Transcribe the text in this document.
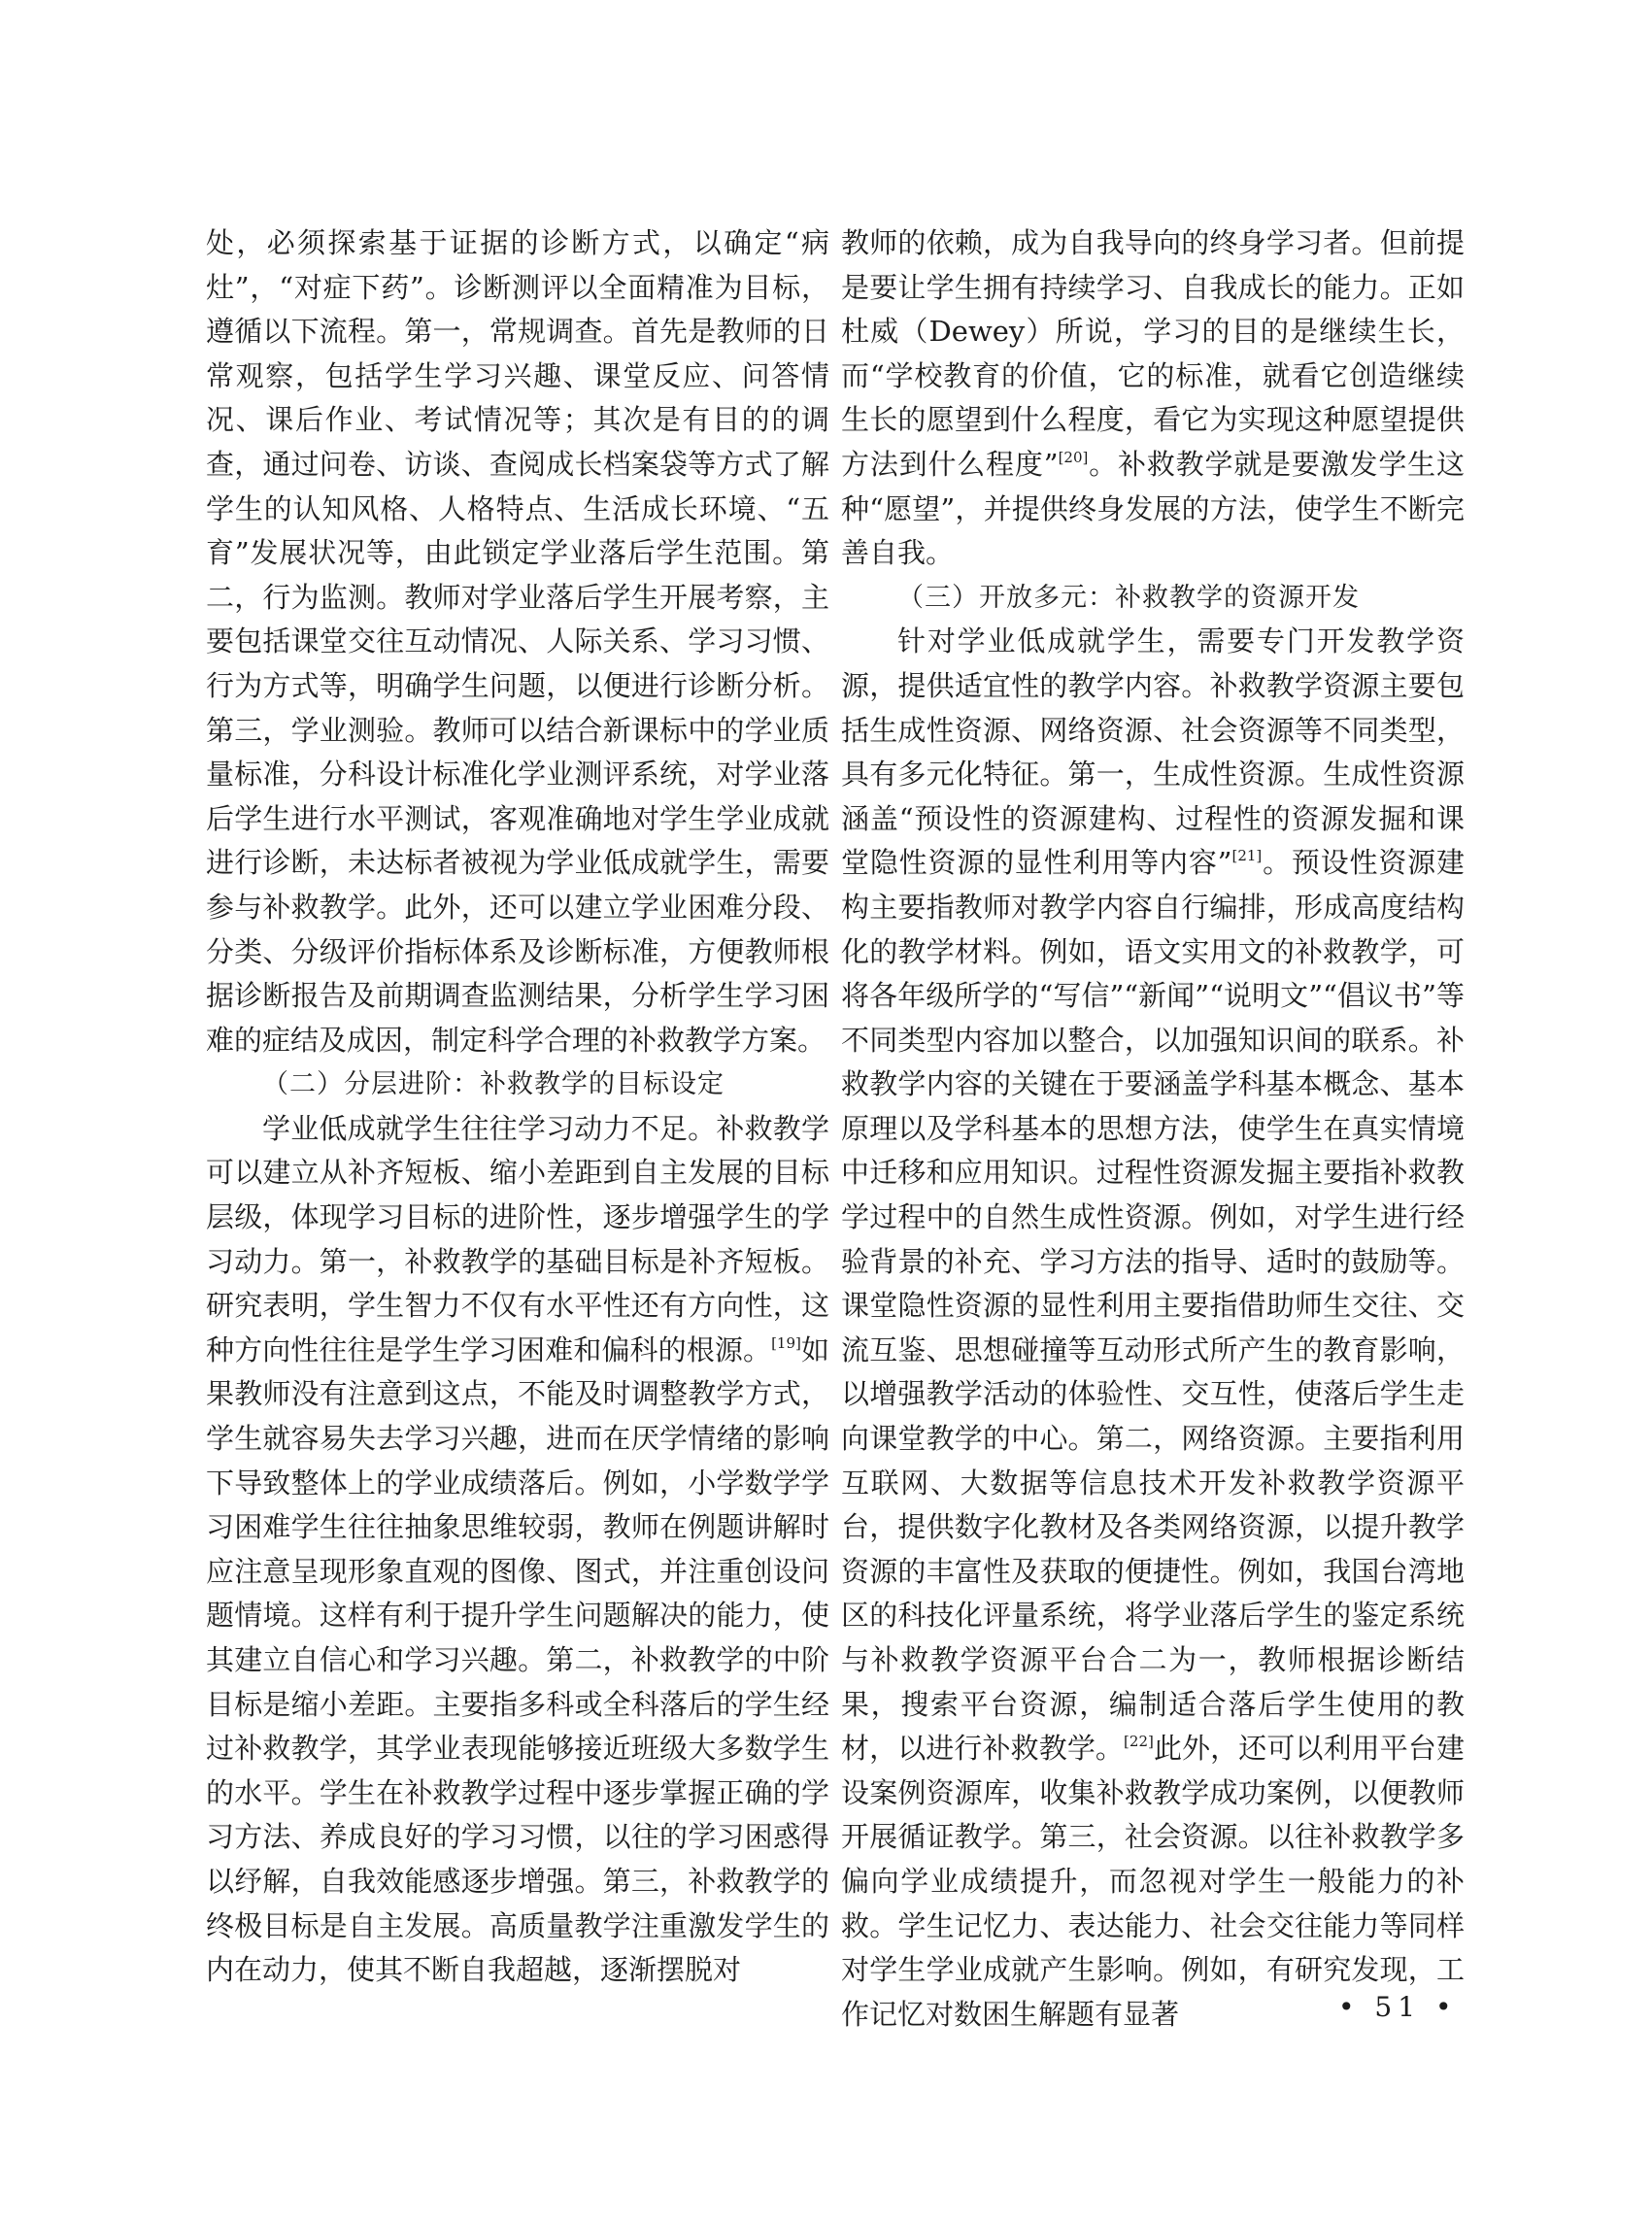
处，必须探索基于证据的诊断方式，以确定“病灶”，“对症下药”。诊断测评以全面精准为目标，遵循以下流程。第一，常规调查。首先是教师的日常观察，包括学生学习兴趣、课堂反应、问答情况、课后作业、考试情况等；其次是有目的的调查，通过问卷、访谈、查阅成长档案袋等方式了解学生的认知风格、人格特点、生活成长环境、“五育”发展状况等，由此锁定学业落后学生范围。第二，行为监测。教师对学业落后学生开展考察，主要包括课堂交往互动情况、人际关系、学习习惯、行为方式等，明确学生问题，以便进行诊断分析。第三，学业测验。教师可以结合新课标中的学业质量标准，分科设计标准化学业测评系统，对学业落后学生进行水平测试，客观准确地对学生学业成就进行诊断，未达标者被视为学业低成就学生，需要参与补救教学。此外，还可以建立学业困难分段、分类、分级评价指标体系及诊断标准，方便教师根据诊断报告及前期调查监测结果，分析学生学习困难的症结及成因，制定科学合理的补救教学方案。

（二）分层进阶：补救教学的目标设定

学业低成就学生往往学习动力不足。补救教学可以建立从补齐短板、缩小差距到自主发展的目标层级，体现学习目标的进阶性，逐步增强学生的学习动力。第一，补救教学的基础目标是补齐短板。研究表明，学生智力不仅有水平性还有方向性，这种方向性往往是学生学习困难和偏科的根源。[19]如果教师没有注意到这点，不能及时调整教学方式，学生就容易失去学习兴趣，进而在厌学情绪的影响下导致整体上的学业成绩落后。例如，小学数学学习困难学生往往抽象思维较弱，教师在例题讲解时应注意呈现形象直观的图像、图式，并注重创设问题情境。这样有利于提升学生问题解决的能力，使其建立自信心和学习兴趣。第二，补救教学的中阶目标是缩小差距。主要指多科或全科落后的学生经过补救教学，其学业表现能够接近班级大多数学生的水平。学生在补救教学过程中逐步掌握正确的学习方法、养成良好的学习习惯，以往的学习困惑得以纾解，自我效能感逐步增强。第三，补救教学的终极目标是自主发展。高质量教学注重激发学生的内在动力，使其不断自我超越，逐渐摆脱对

教师的依赖，成为自我导向的终身学习者。但前提是要让学生拥有持续学习、自我成长的能力。正如杜威（Dewey）所说，学习的目的是继续生长，而“学校教育的价值，它的标准，就看它创造继续生长的愿望到什么程度，看它为实现这种愿望提供方法到什么程度”[20]。补救教学就是要激发学生这种“愿望”，并提供终身发展的方法，使学生不断完善自我。

（三）开放多元：补救教学的资源开发

针对学业低成就学生，需要专门开发教学资源，提供适宜性的教学内容。补救教学资源主要包括生成性资源、网络资源、社会资源等不同类型，具有多元化特征。第一，生成性资源。生成性资源涵盖“预设性的资源建构、过程性的资源发掘和课堂隐性资源的显性利用等内容”[21]。预设性资源建构主要指教师对教学内容自行编排，形成高度结构化的教学材料。例如，语文实用文的补救教学，可将各年级所学的“写信”“新闻”“说明文”“倡议书”等不同类型内容加以整合，以加强知识间的联系。补救教学内容的关键在于要涵盖学科基本概念、基本原理以及学科基本的思想方法，使学生在真实情境中迁移和应用知识。过程性资源发掘主要指补救教学过程中的自然生成性资源。例如，对学生进行经验背景的补充、学习方法的指导、适时的鼓励等。课堂隐性资源的显性利用主要指借助师生交往、交流互鉴、思想碰撞等互动形式所产生的教育影响，以增强教学活动的体验性、交互性，使落后学生走向课堂教学的中心。第二，网络资源。主要指利用互联网、大数据等信息技术开发补救教学资源平台，提供数字化教材及各类网络资源，以提升教学资源的丰富性及获取的便捷性。例如，我国台湾地区的科技化评量系统，将学业落后学生的鉴定系统与补救教学资源平台合二为一，教师根据诊断结果，搜索平台资源，编制适合落后学生使用的教材，以进行补救教学。[22]此外，还可以利用平台建设案例资源库，收集补救教学成功案例，以便教师开展循证教学。第三，社会资源。以往补救教学多偏向学业成绩提升，而忽视对学生一般能力的补救。学生记忆力、表达能力、社会交往能力等同样对学生学业成就产生影响。例如，有研究发现，工作记忆对数困生解题有显著	• 51 •
